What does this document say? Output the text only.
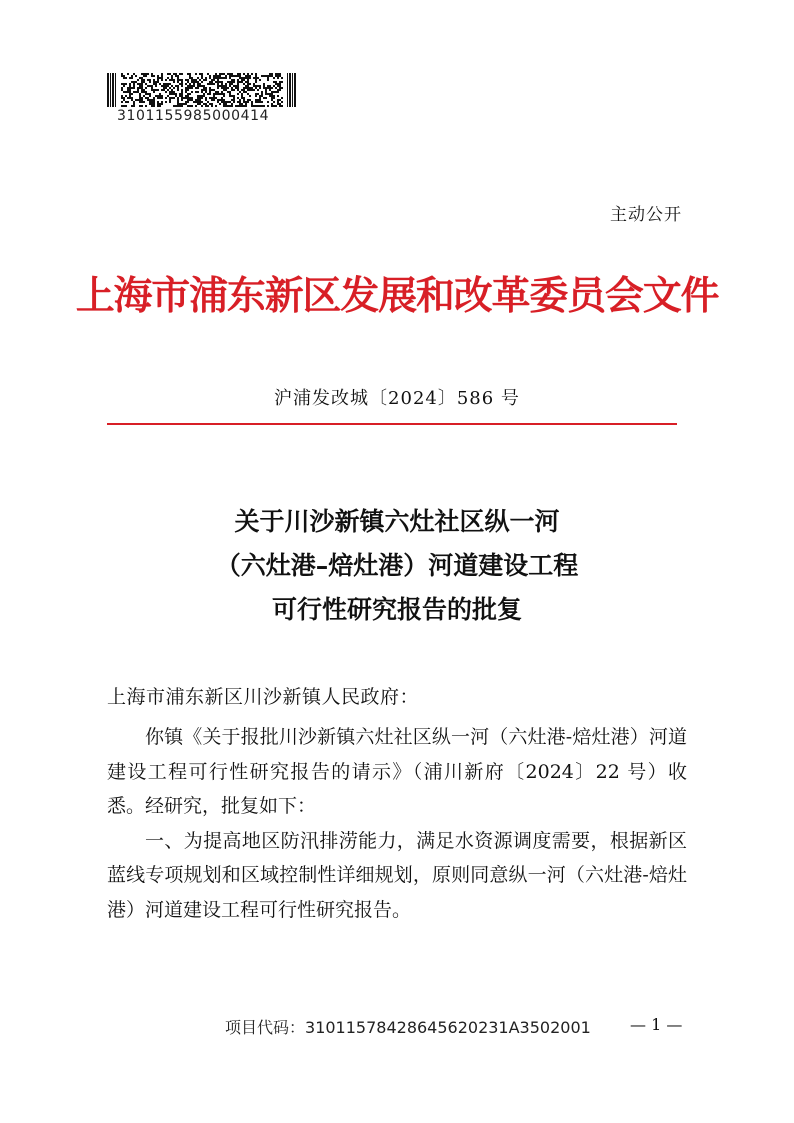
3101155985000414
主动公开
上海市浦东新区发展和改革委员会文件
沪浦发改城〔2024〕586 号
关于川沙新镇六灶社区纵一河
（六灶港–焙灶港）河道建设工程
可行性研究报告的批复
上海市浦东新区川沙新镇人民政府：

你镇《关于报批川沙新镇六灶社区纵一河（六灶港-焙灶港）河道建设工程可行性研究报告的请示》（浦川新府〔2024〕22 号）收悉。经研究，批复如下：

一、为提高地区防汛排涝能力，满足水资源调度需要，根据新区蓝线专项规划和区域控制性详细规划，原则同意纵一河（六灶港-焙灶港）河道建设工程可行性研究报告。

项目代码：31011578428645620231A3502001 — 1 —
